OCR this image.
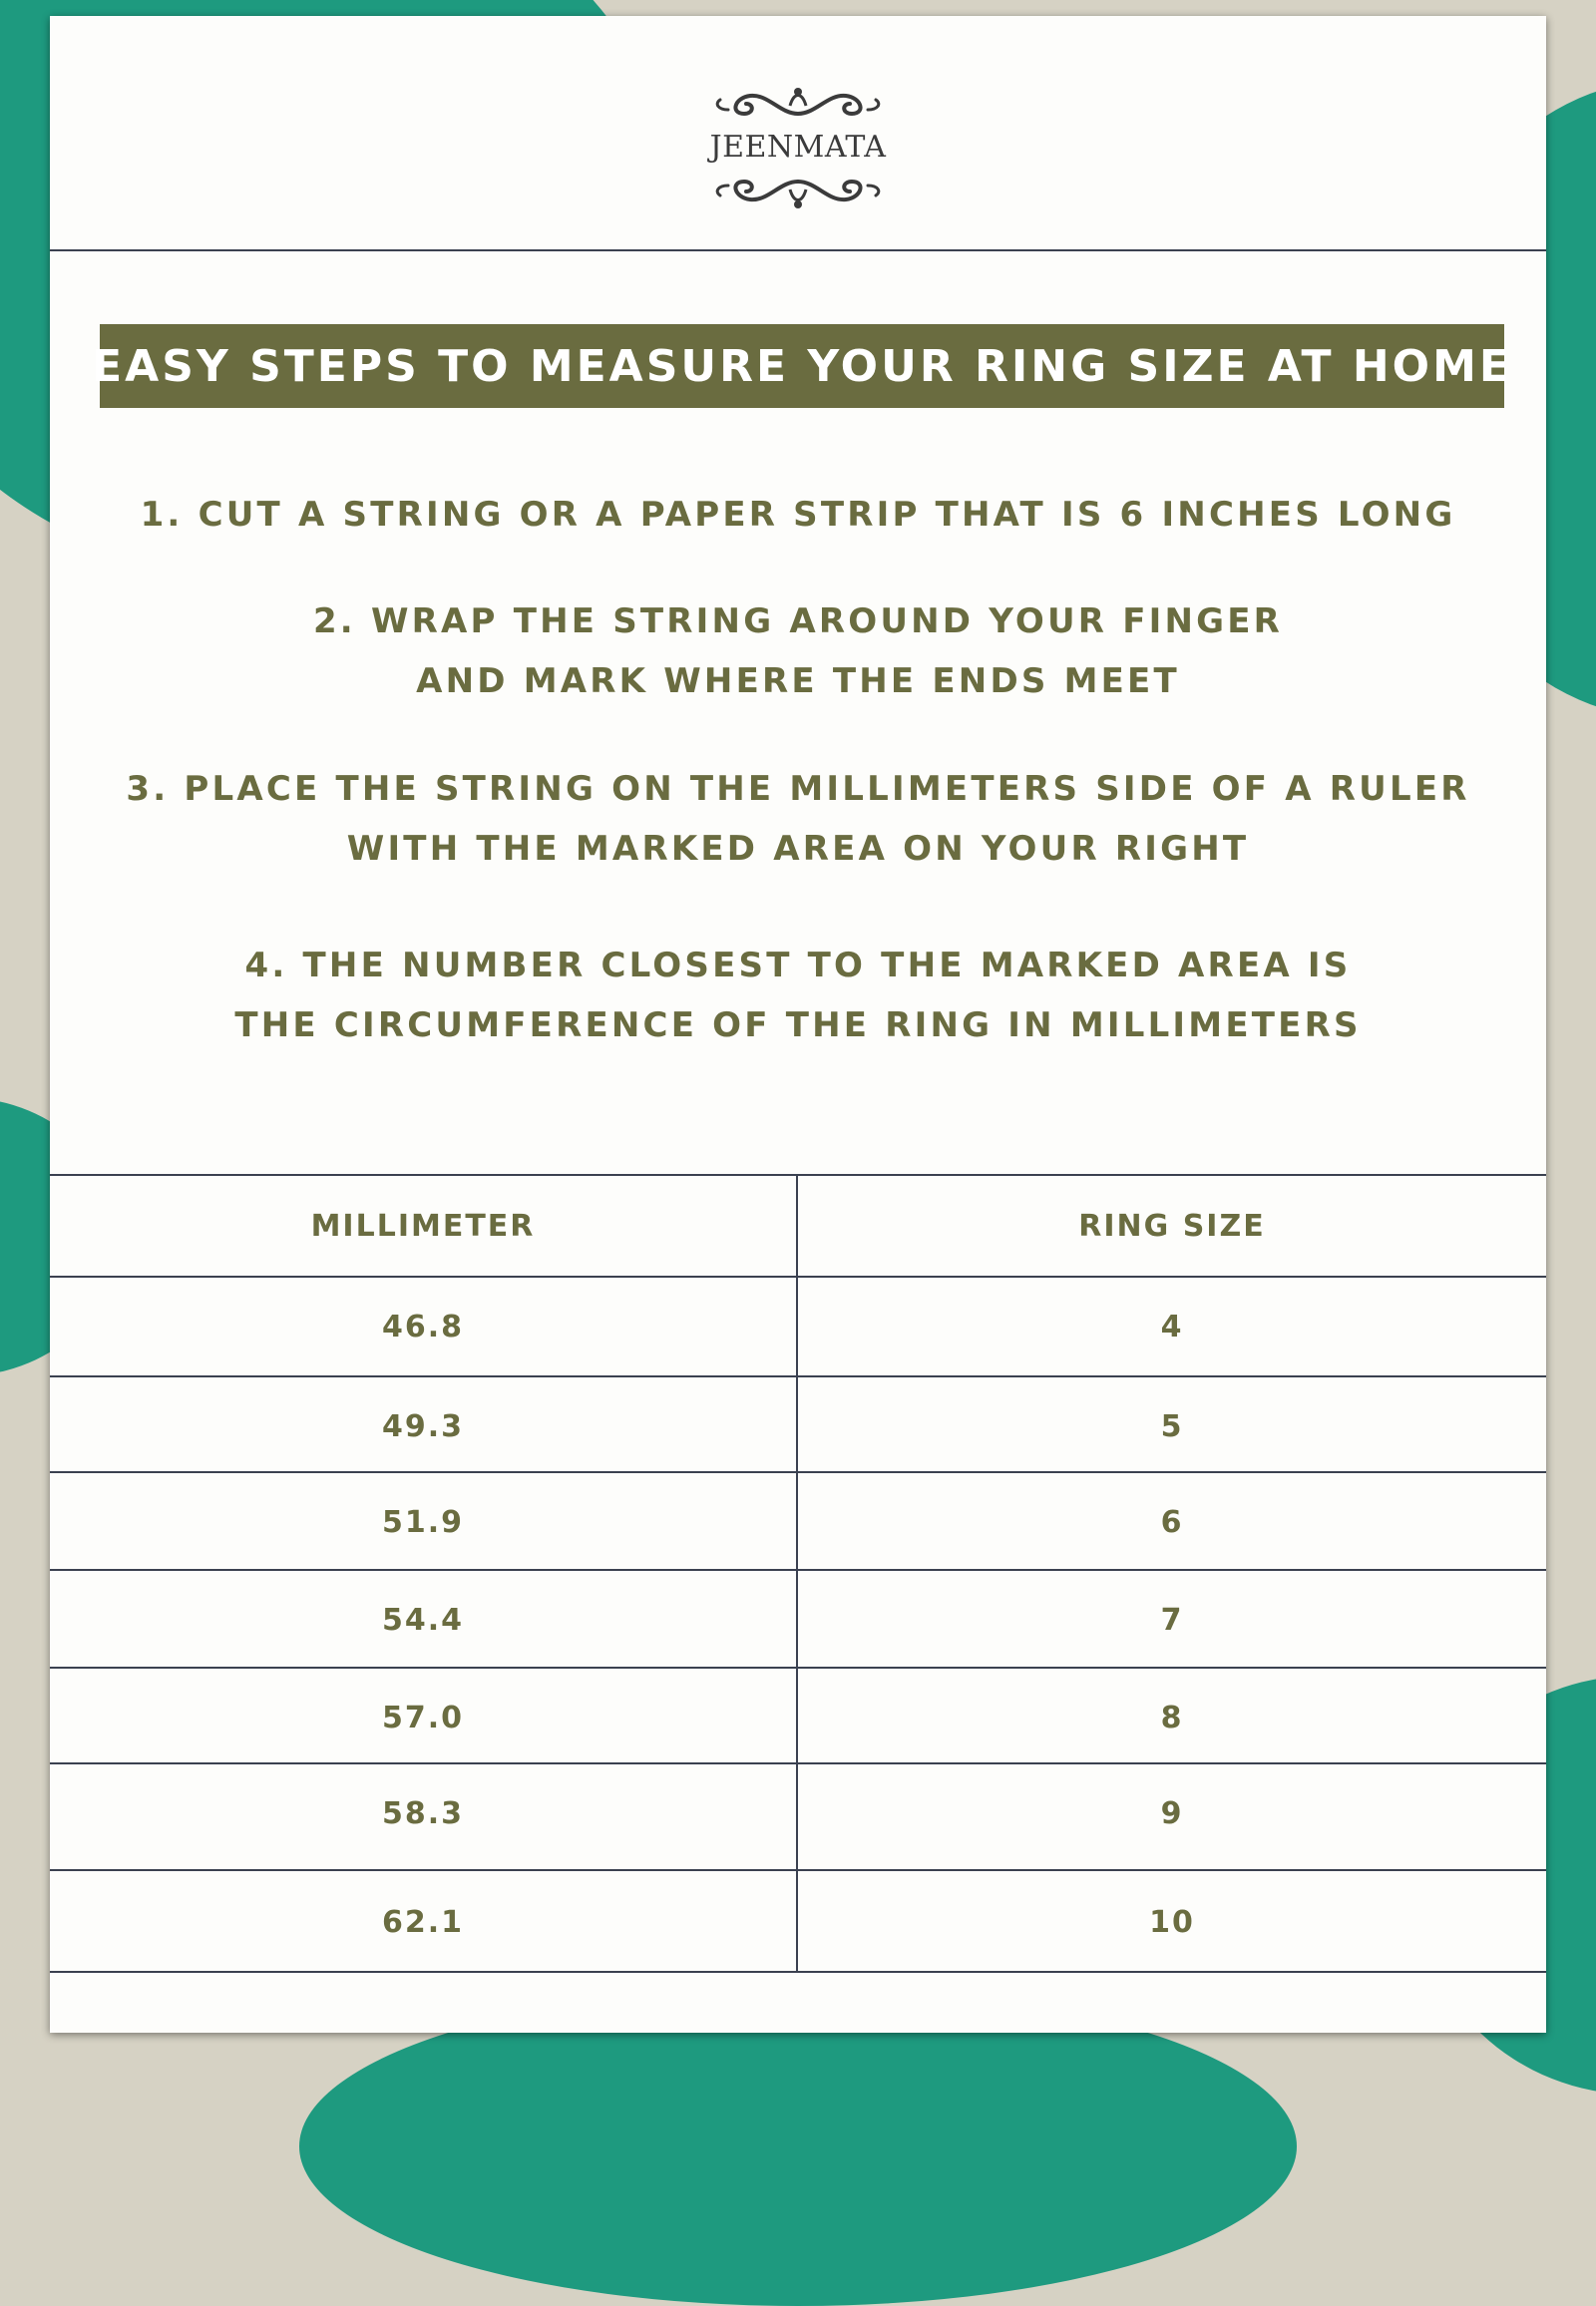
JEENMATA
EASY STEPS TO MEASURE YOUR RING SIZE AT HOME
1. CUT A STRING OR A PAPER STRIP THAT IS 6 INCHES LONG
2. WRAP THE STRING AROUND YOUR FINGER
AND MARK WHERE THE ENDS MEET
3. PLACE THE STRING ON THE MILLIMETERS SIDE OF A RULER
WITH THE MARKED AREA ON YOUR RIGHT
4. THE NUMBER CLOSEST TO THE MARKED AREA IS
THE CIRCUMFERENCE OF THE RING IN MILLIMETERS
MILLIMETER	RING SIZE
46.8	4
49.3	5
51.9	6
54.4	7
57.0	8
58.3	9
62.1	10
